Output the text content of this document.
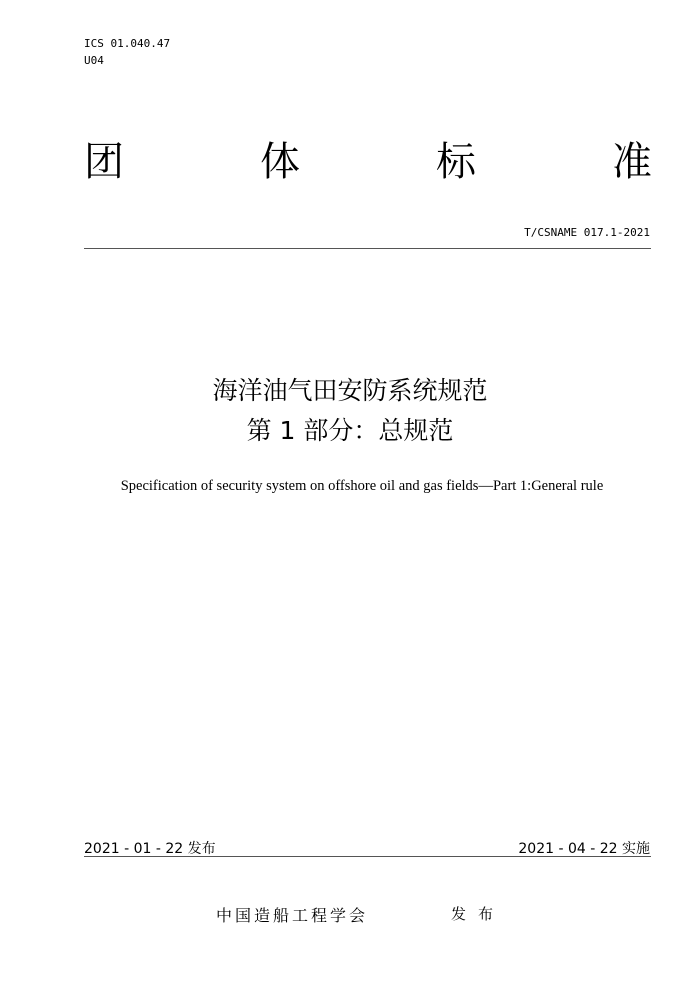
ICS 01.040.47
U04
团	体	标	准
T/CSNAME 017.1-2021
海洋油气田安防系统规范
第 1 部分：总规范
Specification of security system on offshore oil and gas fields—Part 1:General rule
2021 - 01 - 22 发布	2021 - 04 - 22 实施
中国造船工程学会	发布
